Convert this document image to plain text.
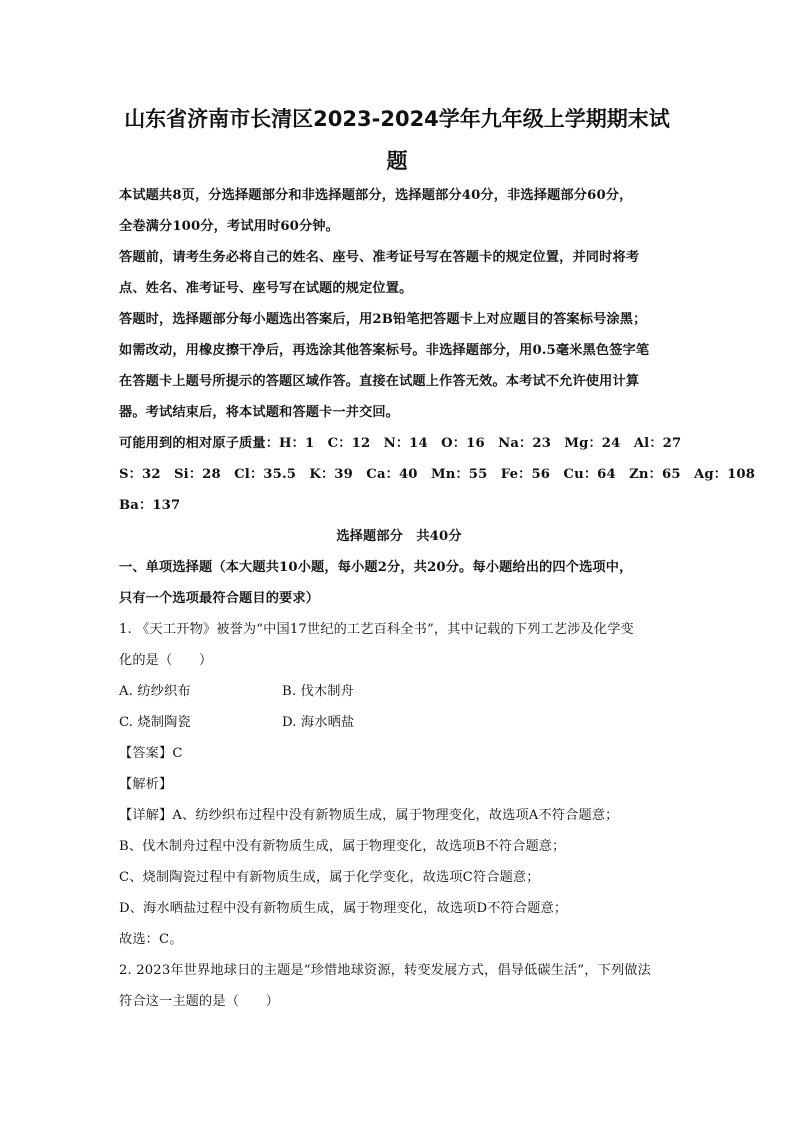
山东省济南市长清区2023-2024学年九年级上学期期末试
题
本试题共8页，分选择题部分和非选择题部分，选择题部分40分，非选择题部分60分，
全卷满分100分，考试用时60分钟。
答题前，请考生务必将自己的姓名、座号、准考证号写在答题卡的规定位置，并同时将考
点、姓名、准考证号、座号写在试题的规定位置。
答题时，选择题部分每小题选出答案后，用2B铅笔把答题卡上对应题目的答案标号涂黑；
如需改动，用橡皮擦干净后，再选涂其他答案标号。非选择题部分，用0.5毫米黑色签字笔
在答题卡上题号所提示的答题区域作答。直接在试题上作答无效。本考试不允许使用计算
器。考试结束后，将本试题和答题卡一并交回。
可能用到的相对原子质量：H：1　C：12　N：14　O：16　Na：23　Mg：24　Al：27
S：32　Si：28　Cl：35.5　K：39　Ca：40　Mn：55　Fe：56　Cu：64　Zn：65　Ag：108
Ba：137
选择题部分　共40分
一、单项选择题（本大题共10小题，每小题2分，共20分。每小题给出的四个选项中，
只有一个选项最符合题目的要求）
1. 《天工开物》被誉为“中国17世纪的工艺百科全书”，其中记载的下列工艺涉及化学变
化的是（　　）
A. 纺纱织布	B. 伐木制舟
C. 烧制陶瓷	D. 海水晒盐
【答案】C
【解析】
【详解】A、纺纱织布过程中没有新物质生成，属于物理变化，故选项A不符合题意；
B、伐木制舟过程中没有新物质生成，属于物理变化，故选项B不符合题意；
C、烧制陶瓷过程中有新物质生成，属于化学变化，故选项C符合题意；
D、海水晒盐过程中没有新物质生成，属于物理变化，故选项D不符合题意；
故选：C。
2. 2023年世界地球日的主题是“珍惜地球资源，转变发展方式，倡导低碳生活”，下列做法
符合这一主题的是（　　）
